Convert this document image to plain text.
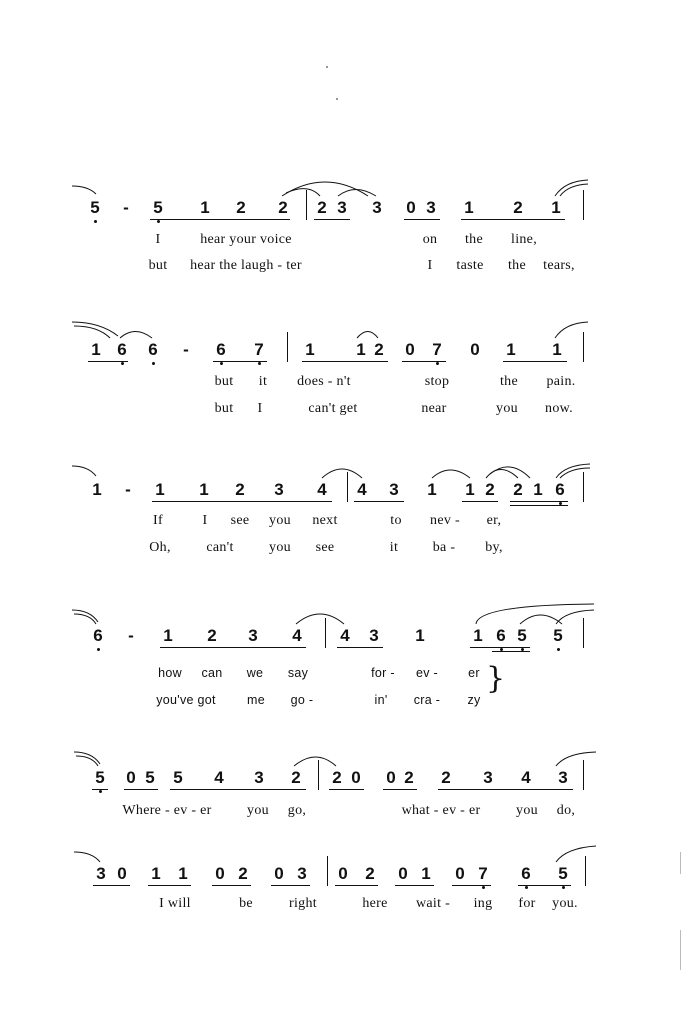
5 - 5 1 2 2 2 3 3 0 3 1 2 1
I	hear your voice	on the line,
but hear the laugh - ter	I taste the tears,
1 6 6 - 6 7 1 1 2 0 7 0 1 1
but it does - n't	stop	the pain.
but I	can't get	near	you now.
1 - 1 1 2 3 4 4 3 1 1 2 2 1 6
If	I see you next	to nev - er,
Oh,	can't	you see	it ba - by,
6 - 1 2 3 4 4 3 1	1 6 5 5
how can we say	for - ev - er
you've got me go -	in' cra - zy
}
5 0 5 5 4 3 2 2 0 0 2 2 3 4 3
Where - ev - er	you go,	what - ev - er	you do,
3 0 1 1 0 2 0 3 0 2 0 1 0 7 6 5
I will	be	right	here wait - ing for you.
